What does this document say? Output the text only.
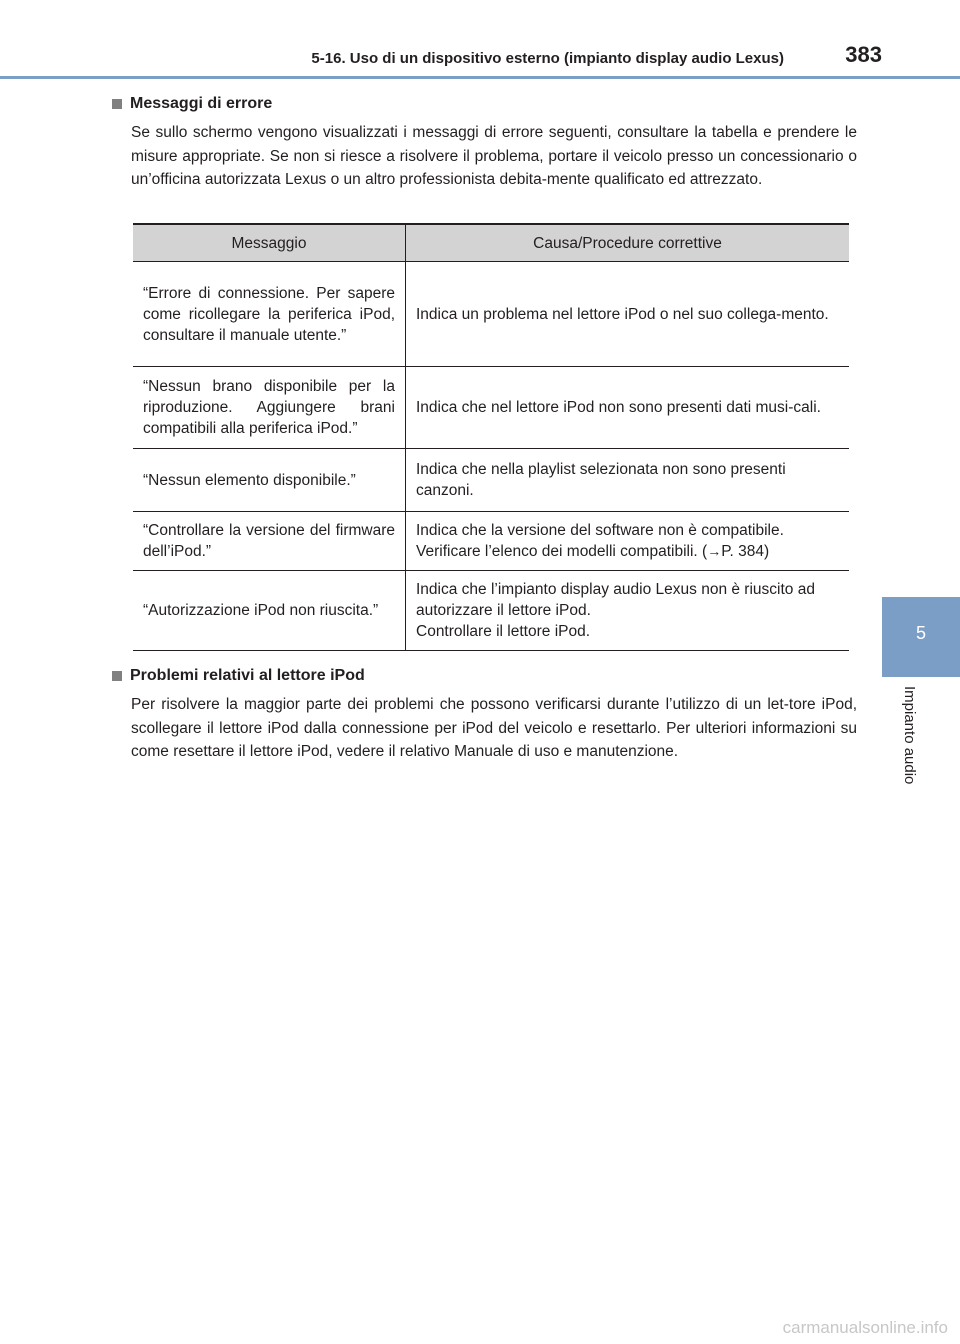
5-16. Uso di un dispositivo esterno (impianto display audio Lexus)	383
5
Impianto audio
Messaggi di errore
Se sullo schermo vengono visualizzati i messaggi di errore seguenti, consultare la tabella e prendere le misure appropriate. Se non si riesce a risolvere il problema, portare il veicolo presso un concessionario o un’officina autorizzata Lexus o un altro professionista debita-mente qualificato ed attrezzato.
Messaggio	Causa/Procedure correttive
“Errore di connessione. Per sapere come ricollegare la periferica iPod, consultare il manuale utente.”	Indica un problema nel lettore iPod o nel suo collega-mento.
“Nessun brano disponibile per la riproduzione. Aggiungere brani compatibili alla periferica iPod.”	Indica che nel lettore iPod non sono presenti dati musi-cali.
“Nessun elemento disponibile.”	Indica che nella playlist selezionata non sono presenti canzoni.
“Controllare la versione del firmware dell’iPod.”	Indica che la versione del software non è compatibile.
Verificare l’elenco dei modelli compatibili. (→P. 384)

“Autorizzazione iPod non riuscita.”	Indica che l’impianto display audio Lexus non è riuscito ad autorizzare il lettore iPod.
Controllare il lettore iPod.
Problemi relativi al lettore iPod
Per risolvere la maggior parte dei problemi che possono verificarsi durante l’utilizzo di un let-tore iPod, scollegare il lettore iPod dalla connessione per iPod del veicolo e resettarlo. Per ulteriori informazioni su come resettare il lettore iPod, vedere il relativo Manuale di uso e manutenzione.
carmanualsonline.info
